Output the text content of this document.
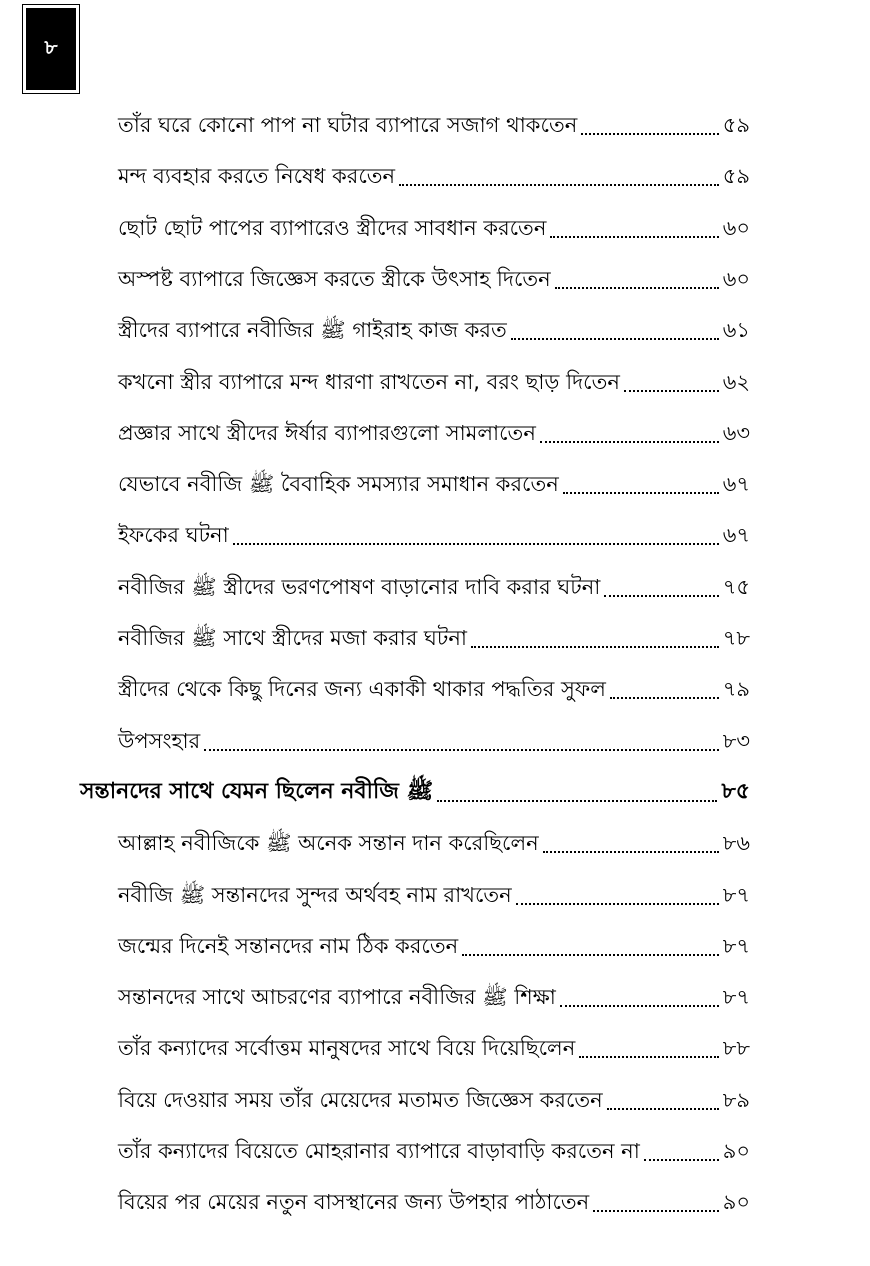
৮
তাঁর ঘরে কোনো পাপ না ঘটার ব্যাপারে সজাগ থাকতেন	৫৯
মন্দ ব্যবহার করতে নিষেধ করতেন	৫৯
ছোট ছোট পাপের ব্যাপারেও স্ত্রীদের সাবধান করতেন	৬০
অস্পষ্ট ব্যাপারে জিজ্ঞেস করতে স্ত্রীকে উৎসাহ দিতেন	৬০
স্ত্রীদের ব্যাপারে নবীজির ﷺ গাইরাহ কাজ করত	৬১
কখনো স্ত্রীর ব্যাপারে মন্দ ধারণা রাখতেন না, বরং ছাড় দিতেন	৬২
প্রজ্ঞার সাথে স্ত্রীদের ঈর্ষার ব্যাপারগুলো সামলাতেন	৬৩
যেভাবে নবীজি ﷺ বৈবাহিক সমস্যার সমাধান করতেন	৬৭
ইফকের ঘটনা	৬৭
নবীজির ﷺ স্ত্রীদের ভরণপোষণ বাড়ানোর দাবি করার ঘটনা	৭৫
নবীজির ﷺ সাথে স্ত্রীদের মজা করার ঘটনা	৭৮
স্ত্রীদের থেকে কিছু দিনের জন্য একাকী থাকার পদ্ধতির সুফল	৭৯
উপসংহার	৮৩
সন্তানদের সাথে যেমন ছিলেন নবীজি ﷺ	৮৫
আল্লাহ নবীজিকে ﷺ অনেক সন্তান দান করেছিলেন	৮৬
নবীজি ﷺ সন্তানদের সুন্দর অর্থবহ নাম রাখতেন	৮৭
জন্মের দিনেই সন্তানদের নাম ঠিক করতেন	৮৭
সন্তানদের সাথে আচরণের ব্যাপারে নবীজির ﷺ শিক্ষা	৮৭
তাঁর কন্যাদের সর্বোত্তম মানুষদের সাথে বিয়ে দিয়েছিলেন	৮৮
বিয়ে দেওয়ার সময় তাঁর মেয়েদের মতামত জিজ্ঞেস করতেন	৮৯
তাঁর কন্যাদের বিয়েতে মোহরানার ব্যাপারে বাড়াবাড়ি করতেন না	৯০
বিয়ের পর মেয়ের নতুন বাসস্থানের জন্য উপহার পাঠাতেন	৯০
